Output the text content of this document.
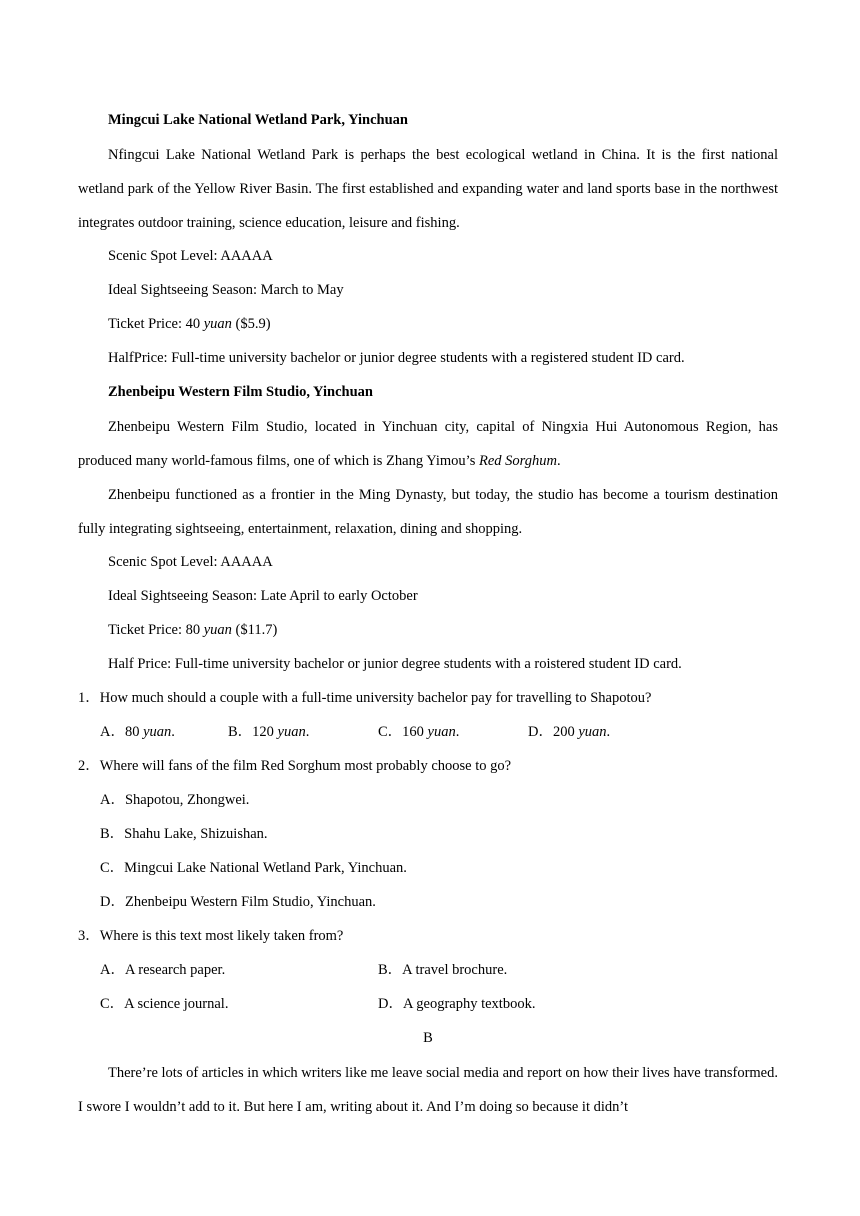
Mingcui Lake National Wetland Park, Yinchuan

Nfingcui Lake National Wetland Park is perhaps the best ecological wetland in China. It is the first national wetland park of the Yellow River Basin. The first established and expanding water and land sports base in the northwest integrates outdoor training, science education, leisure and fishing.

Scenic Spot Level: AAAAA
Ideal Sightseeing Season: March to May
Ticket Price: 40 yuan ($5.9)
HalfPrice: Full-time university bachelor or junior degree students with a registered student ID card.
Zhenbeipu Western Film Studio, Yinchuan

Zhenbeipu Western Film Studio, located in Yinchuan city, capital of Ningxia Hui Autonomous Region, has produced many world-famous films, one of which is Zhang Yimou’s Red Sorghum.

Zhenbeipu functioned as a frontier in the Ming Dynasty, but today, the studio has become a tourism destination fully integrating sightseeing, entertainment, relaxation, dining and shopping.

Scenic Spot Level: AAAAA
Ideal Sightseeing Season: Late April to early October
Ticket Price: 80 yuan ($11.7)
Half Price: Full-time university bachelor or junior degree students with a roistered student ID card.
1．How much should a couple with a full-time university bachelor pay for travelling to Shapotou?
A．80 yuan.	B．120 yuan.	C．160 yuan.	D．200 yuan.
2．Where will fans of the film Red Sorghum most probably choose to go?
A．Shapotou, Zhongwei.
B．Shahu Lake, Shizuishan.
C．Mingcui Lake National Wetland Park, Yinchuan.
D．Zhenbeipu Western Film Studio, Yinchuan.
3．Where is this text most likely taken from?
A．A research paper.	B．A travel brochure.
C．A science journal.	D．A geography textbook.
B

There’re lots of articles in which writers like me leave social media and report on how their lives have transformed. I swore I wouldn’t add to it. But here I am, writing about it. And I’m doing so because it didn’t
